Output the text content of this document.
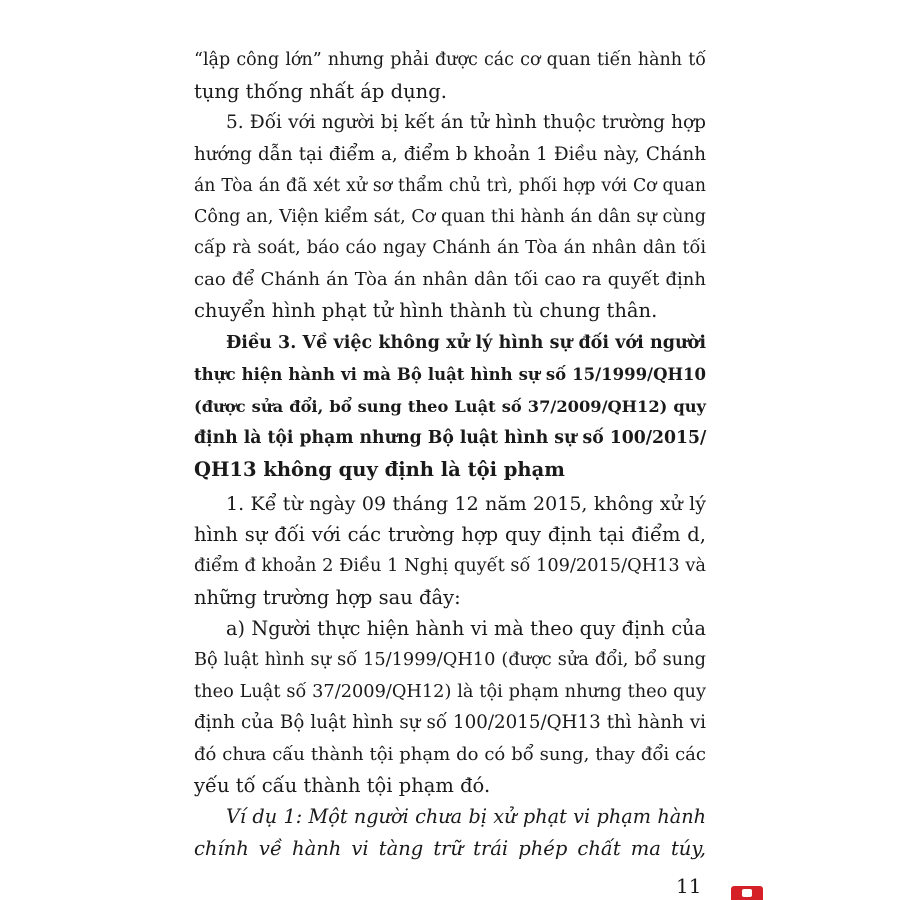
“lập công lớn” nhưng phải được các cơ quan tiến hành tố
tụng thống nhất áp dụng.
5. Đối với người bị kết án tử hình thuộc trường hợp
hướng dẫn tại điểm a, điểm b khoản 1 Điều này, Chánh
án Tòa án đã xét xử sơ thẩm chủ trì, phối hợp với Cơ quan
Công an, Viện kiểm sát, Cơ quan thi hành án dân sự cùng
cấp rà soát, báo cáo ngay Chánh án Tòa án nhân dân tối
cao để Chánh án Tòa án nhân dân tối cao ra quyết định
chuyển hình phạt tử hình thành tù chung thân.
Điều 3. Về việc không xử lý hình sự đối với người
thực hiện hành vi mà Bộ luật hình sự số 15/1999/QH10
(được sửa đổi, bổ sung theo Luật số 37/2009/QH12) quy
định là tội phạm nhưng Bộ luật hình sự số 100/2015/
QH13 không quy định là tội phạm
1. Kể từ ngày 09 tháng 12 năm 2015, không xử lý
hình sự đối với các trường hợp quy định tại điểm d,
điểm đ khoản 2 Điều 1 Nghị quyết số 109/2015/QH13 và
những trường hợp sau đây:
a) Người thực hiện hành vi mà theo quy định của
Bộ luật hình sự số 15/1999/QH10 (được sửa đổi, bổ sung
theo Luật số 37/2009/QH12) là tội phạm nhưng theo quy
định của Bộ luật hình sự số 100/2015/QH13 thì hành vi
đó chưa cấu thành tội phạm do có bổ sung, thay đổi các
yếu tố cấu thành tội phạm đó.
Ví dụ 1: Một người chưa bị xử phạt vi phạm hành
chính về hành vi tàng trữ trái phép chất ma túy,
11
